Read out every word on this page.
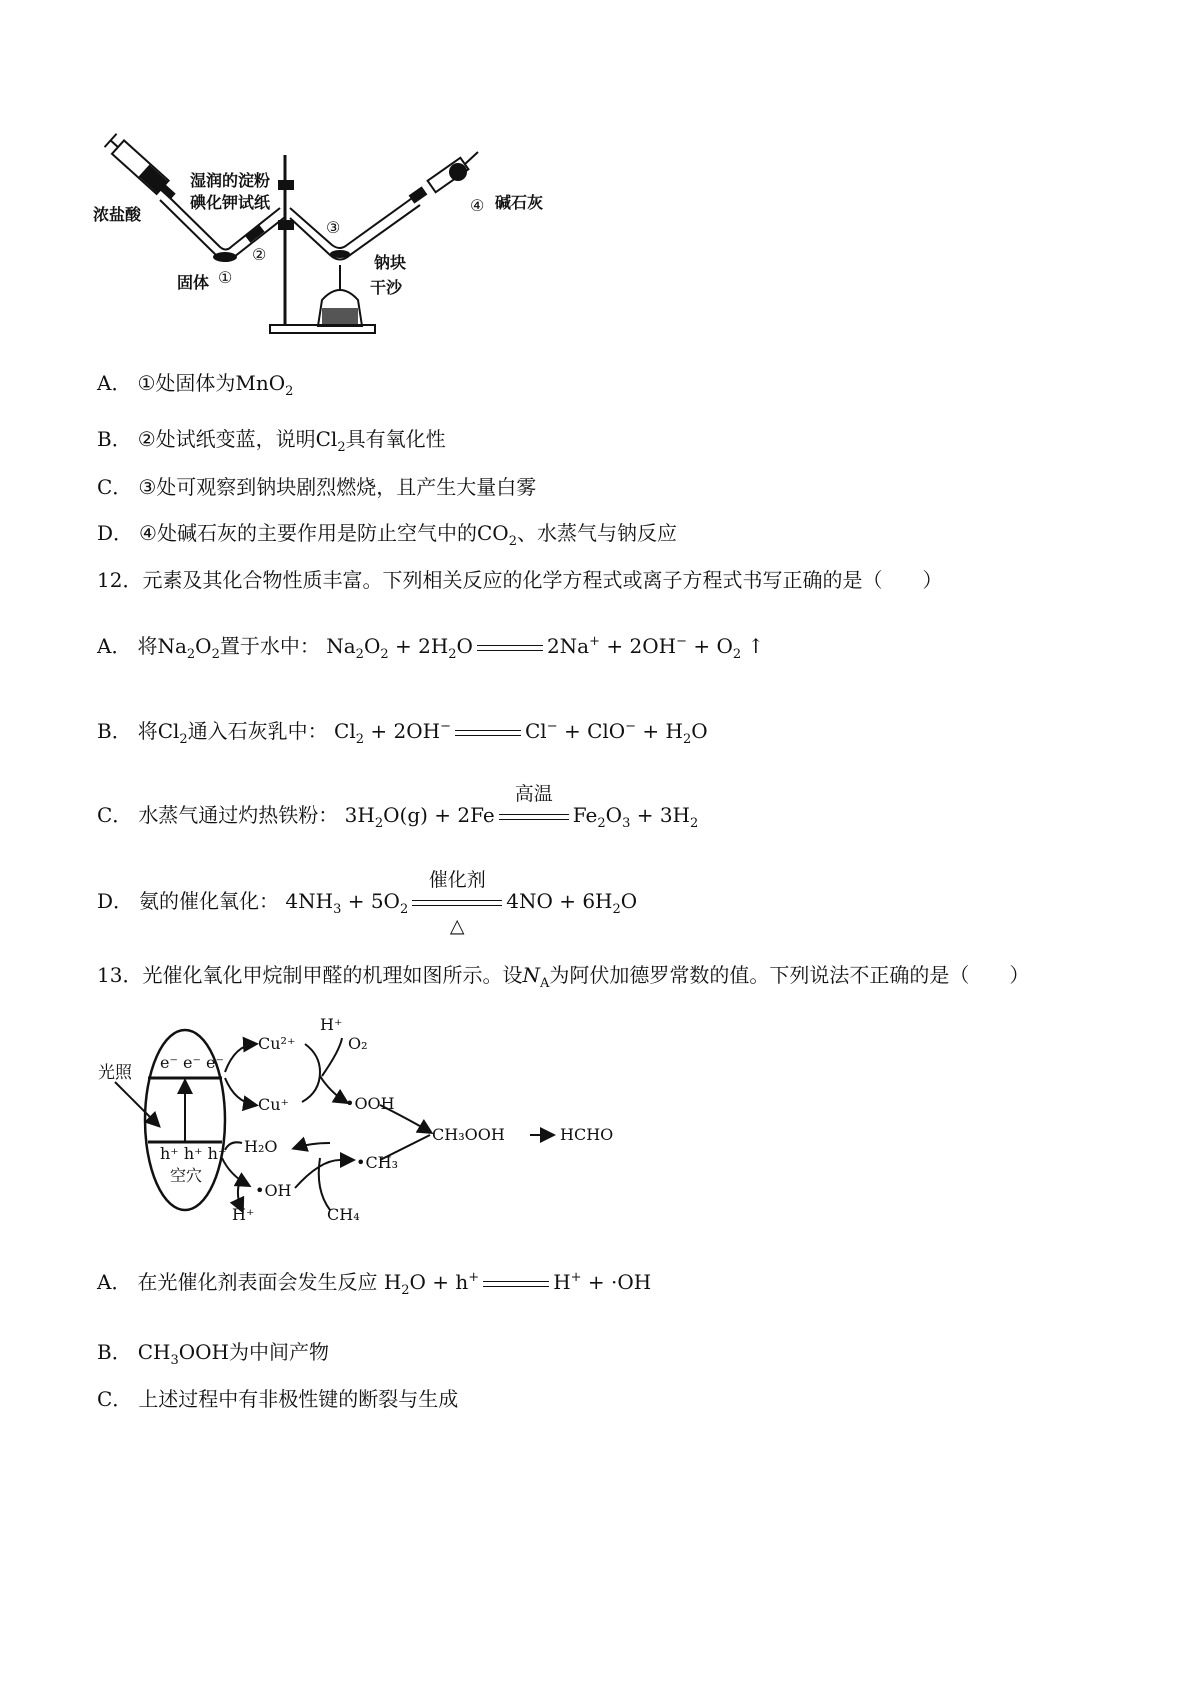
浓盐酸
湿润的淀粉
碘化钾试纸
固体 ①
②
③
④ 碱石灰
钠块
干沙
A． ①处固体为MnO$_2$
B． ②处试纸变蓝，说明$Cl_2$具有氧化性
C． ③处可观察到钠块剧烈燃烧，且产生大量白雾
D． ④处碱石灰的主要作用是防止空气中的$CO_2$、水蒸气与钠反应
12．元素及其化合物性质丰富。下列相关反应的化学方程式或离子方程式书写正确的是（　　）
A． 将$Na_2O_2$置于水中： $Na_2O_2 + 2H_2O$	$2Na^+ + 2OH^- + O_2$ ↑
B． 将$Cl_2$通入石灰乳中： $Cl_2 + 2OH^-$	$Cl^- + ClO^- + H_2O$
C． 水蒸气通过灼热铁粉： $3H_2O(g) + 2Fe$
高温
$Fe_2O_3 + 3H_2$
D． 氨的催化氧化： $4NH_3 + 5O_2$
催化剂
△
$4NO + 6H_2O$
13．光催化氧化甲烷制甲醛的机理如图所示。设$N_A$为阿伏加德罗常数的值。下列说法不正确的是（　　）
光照
e⁻ e⁻ e⁻
h⁺ h⁺ h⁺
空穴
Cu²⁺
Cu⁺
H⁺
O₂
•OOH
H₂O
•OH
H⁺
•CH₃
CH₄
CH₃OOH	HCHO
A． 在光催化剂表面会发生反应 $H_2O + h^+$	H+ + ·OH
B． $CH_3OOH$为中间产物
C． 上述过程中有非极性键的断裂与生成
